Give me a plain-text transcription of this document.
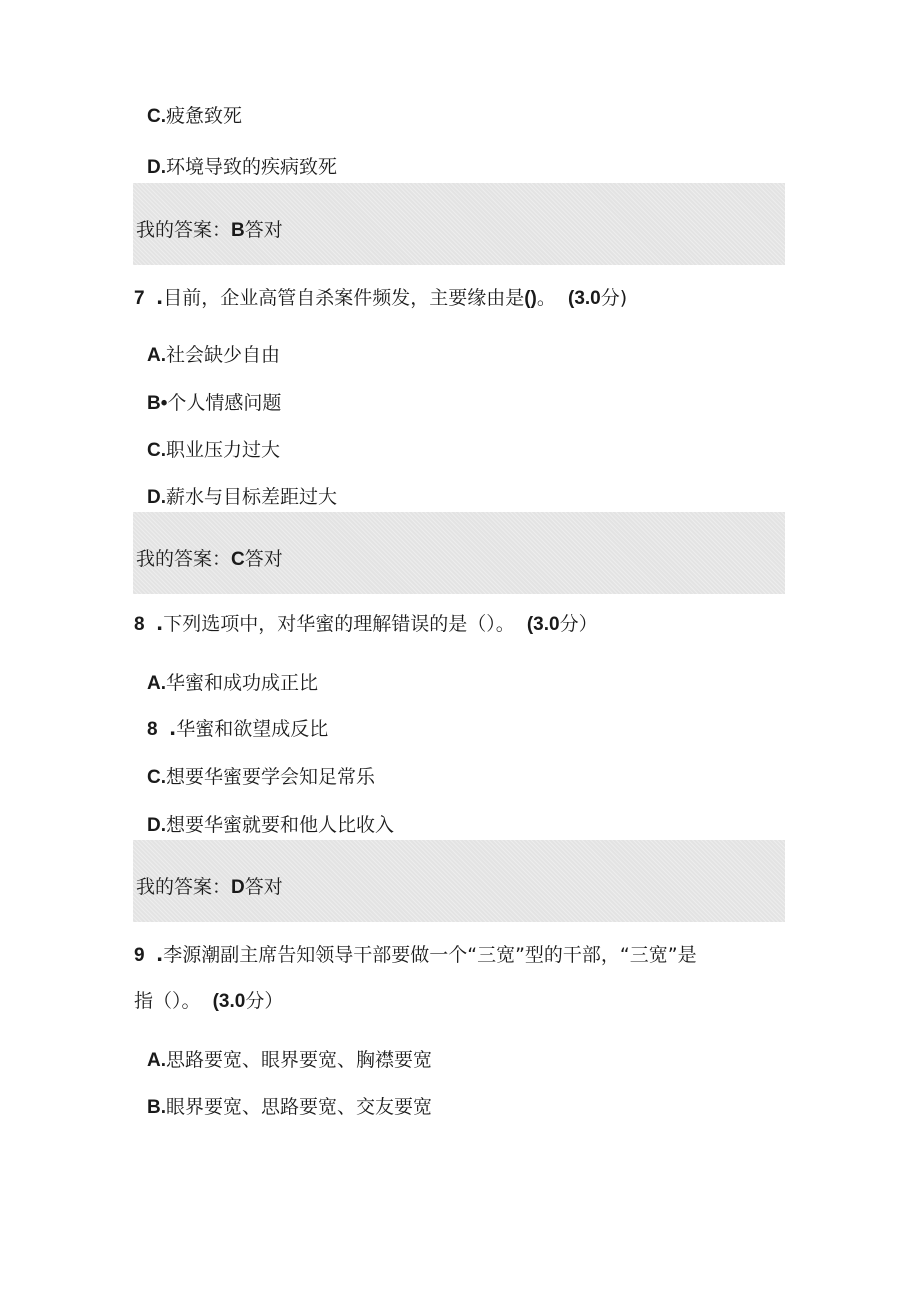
C.疲惫致死
D.环境导致的疾病致死
我的答案：B答对
7 .目前，企业高管自杀案件频发，主要缘由是()。 (3.0分)
A.社会缺少自由
B•个人情感问题
C.职业压力过大
D.薪水与目标差距过大
我的答案：C答对
8 .下列选项中，对华蜜的理解错误的是（）。 (3.0分）
A.华蜜和成功成正比
8 .华蜜和欲望成反比
C.想要华蜜要学会知足常乐
D.想要华蜜就要和他人比收入
我的答案：D答对
9 .李源潮副主席告知领导干部要做一个“三宽”型的干部，“三宽”是
指（）。 (3.0分）
A.思路要宽、眼界要宽、胸襟要宽
B.眼界要宽、思路要宽、交友要宽
